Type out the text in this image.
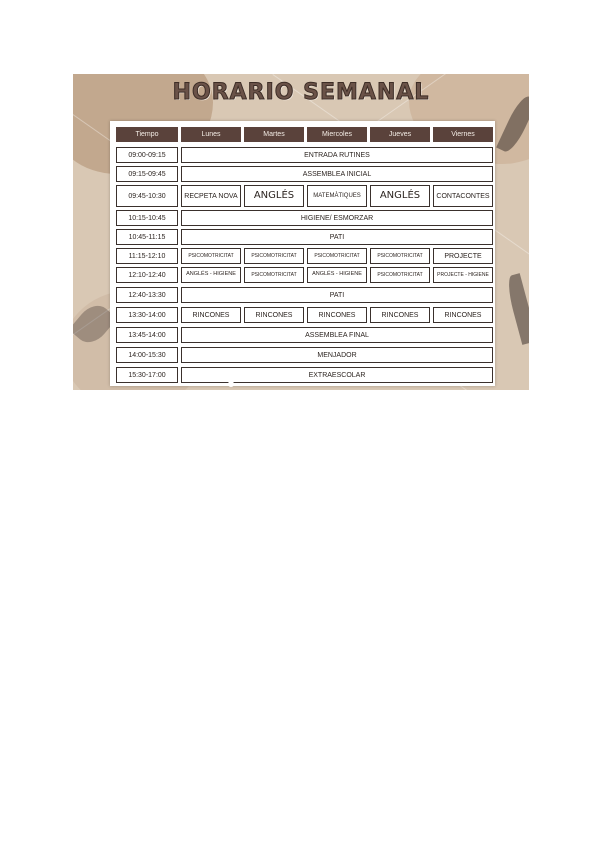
HORARIO SEMANAL
Tiempo	Lunes	Martes	Miercoles	Jueves	Viernes
09:00-09:15	ENTRADA RUTINES
09:15-09:45	ASSEMBLEA INICIAL
09:45-10:30	RECPETA NOVA	ANGLÉS	MATEMÀTIQUES	ANGLÉS	CONTACONTES
10:15-10:45	HIGIENE/ ESMORZAR
10:45-11:15	PATI
11:15-12:10	PSICOMOTRICITAT	PSICOMOTRICITAT	PSICOMOTRICITAT	PSICOMOTRICITAT	PROJECTE
12:10-12:40	ANGLÉS - HIGIENE	PSICOMOTRICITAT	ANGLÉS - HIGIENE	PSICOMOTRICITAT	PROJECTE - HIGIENE
12:40-13:30	PATI
13:30-14:00	RINCONES	RINCONES	RINCONES	RINCONES	RINCONES
13:45-14:00	ASSEMBLEA FINAL
14:00-15:30	MENJADOR
15:30-17:00	EXTRAESCOLAR
